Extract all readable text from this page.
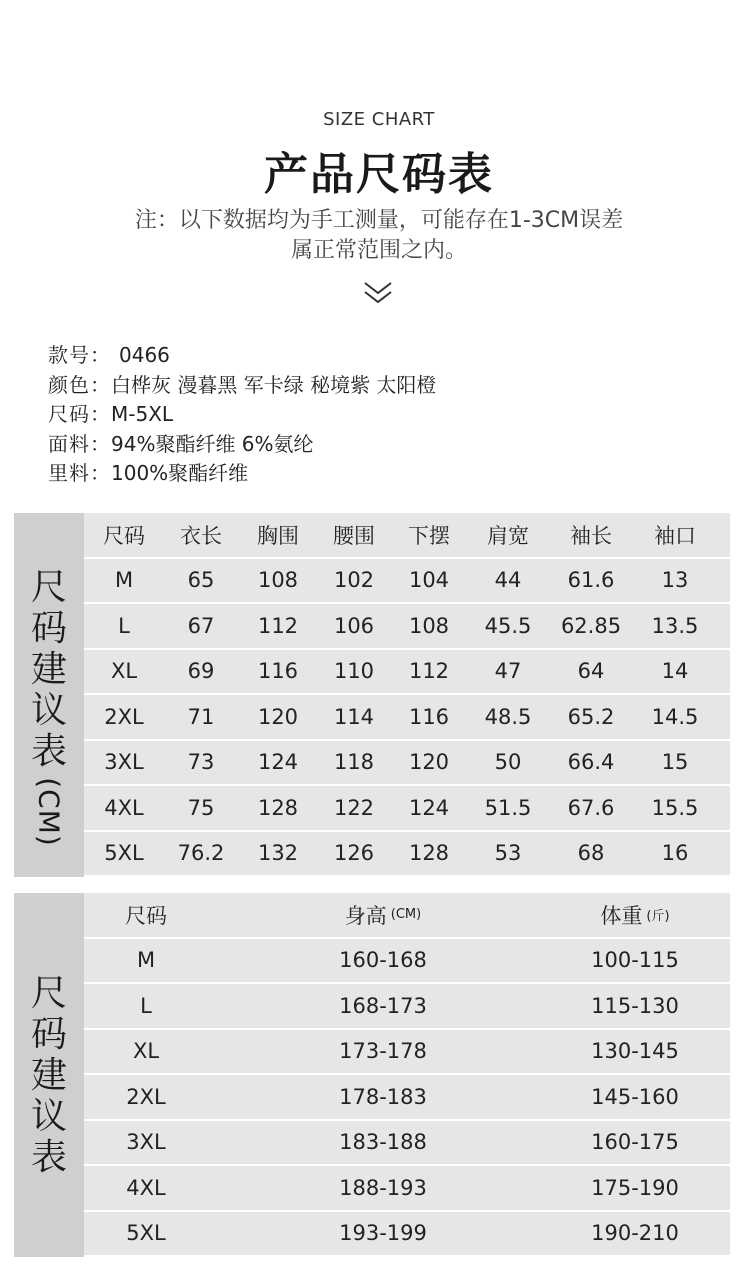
SIZE CHART
产品尺码表
注：以下数据均为手工测量，可能存在1-3CM误差
属正常范围之内。
款号： 0466
颜色：白桦灰 漫暮黑 军卡绿 秘境紫 太阳橙
尺码：M-5XL
面料：94%聚酯纤维 6%氨纶
里料：100%聚酯纤维
尺
码
建
议
表
(CM)
尺码	衣长	胸围	腰围	下摆	肩宽	袖长	袖口
M	65	108	102	104	44	61.6	13
L	67	112	106	108	45.5	62.85	13.5
XL	69	116	110	112	47	64	14
2XL	71	120	114	116	48.5	65.2	14.5
3XL	73	124	118	120	50	66.4	15
4XL	75	128	122	124	51.5	67.6	15.5
5XL	76.2	132	126	128	53	68	16
尺
码
建
议
表
尺码	身高 (CM)	体重 (斤)
M	160-168	100-115
L	168-173	115-130
XL	173-178	130-145
2XL	178-183	145-160
3XL	183-188	160-175
4XL	188-193	175-190
5XL	193-199	190-210
